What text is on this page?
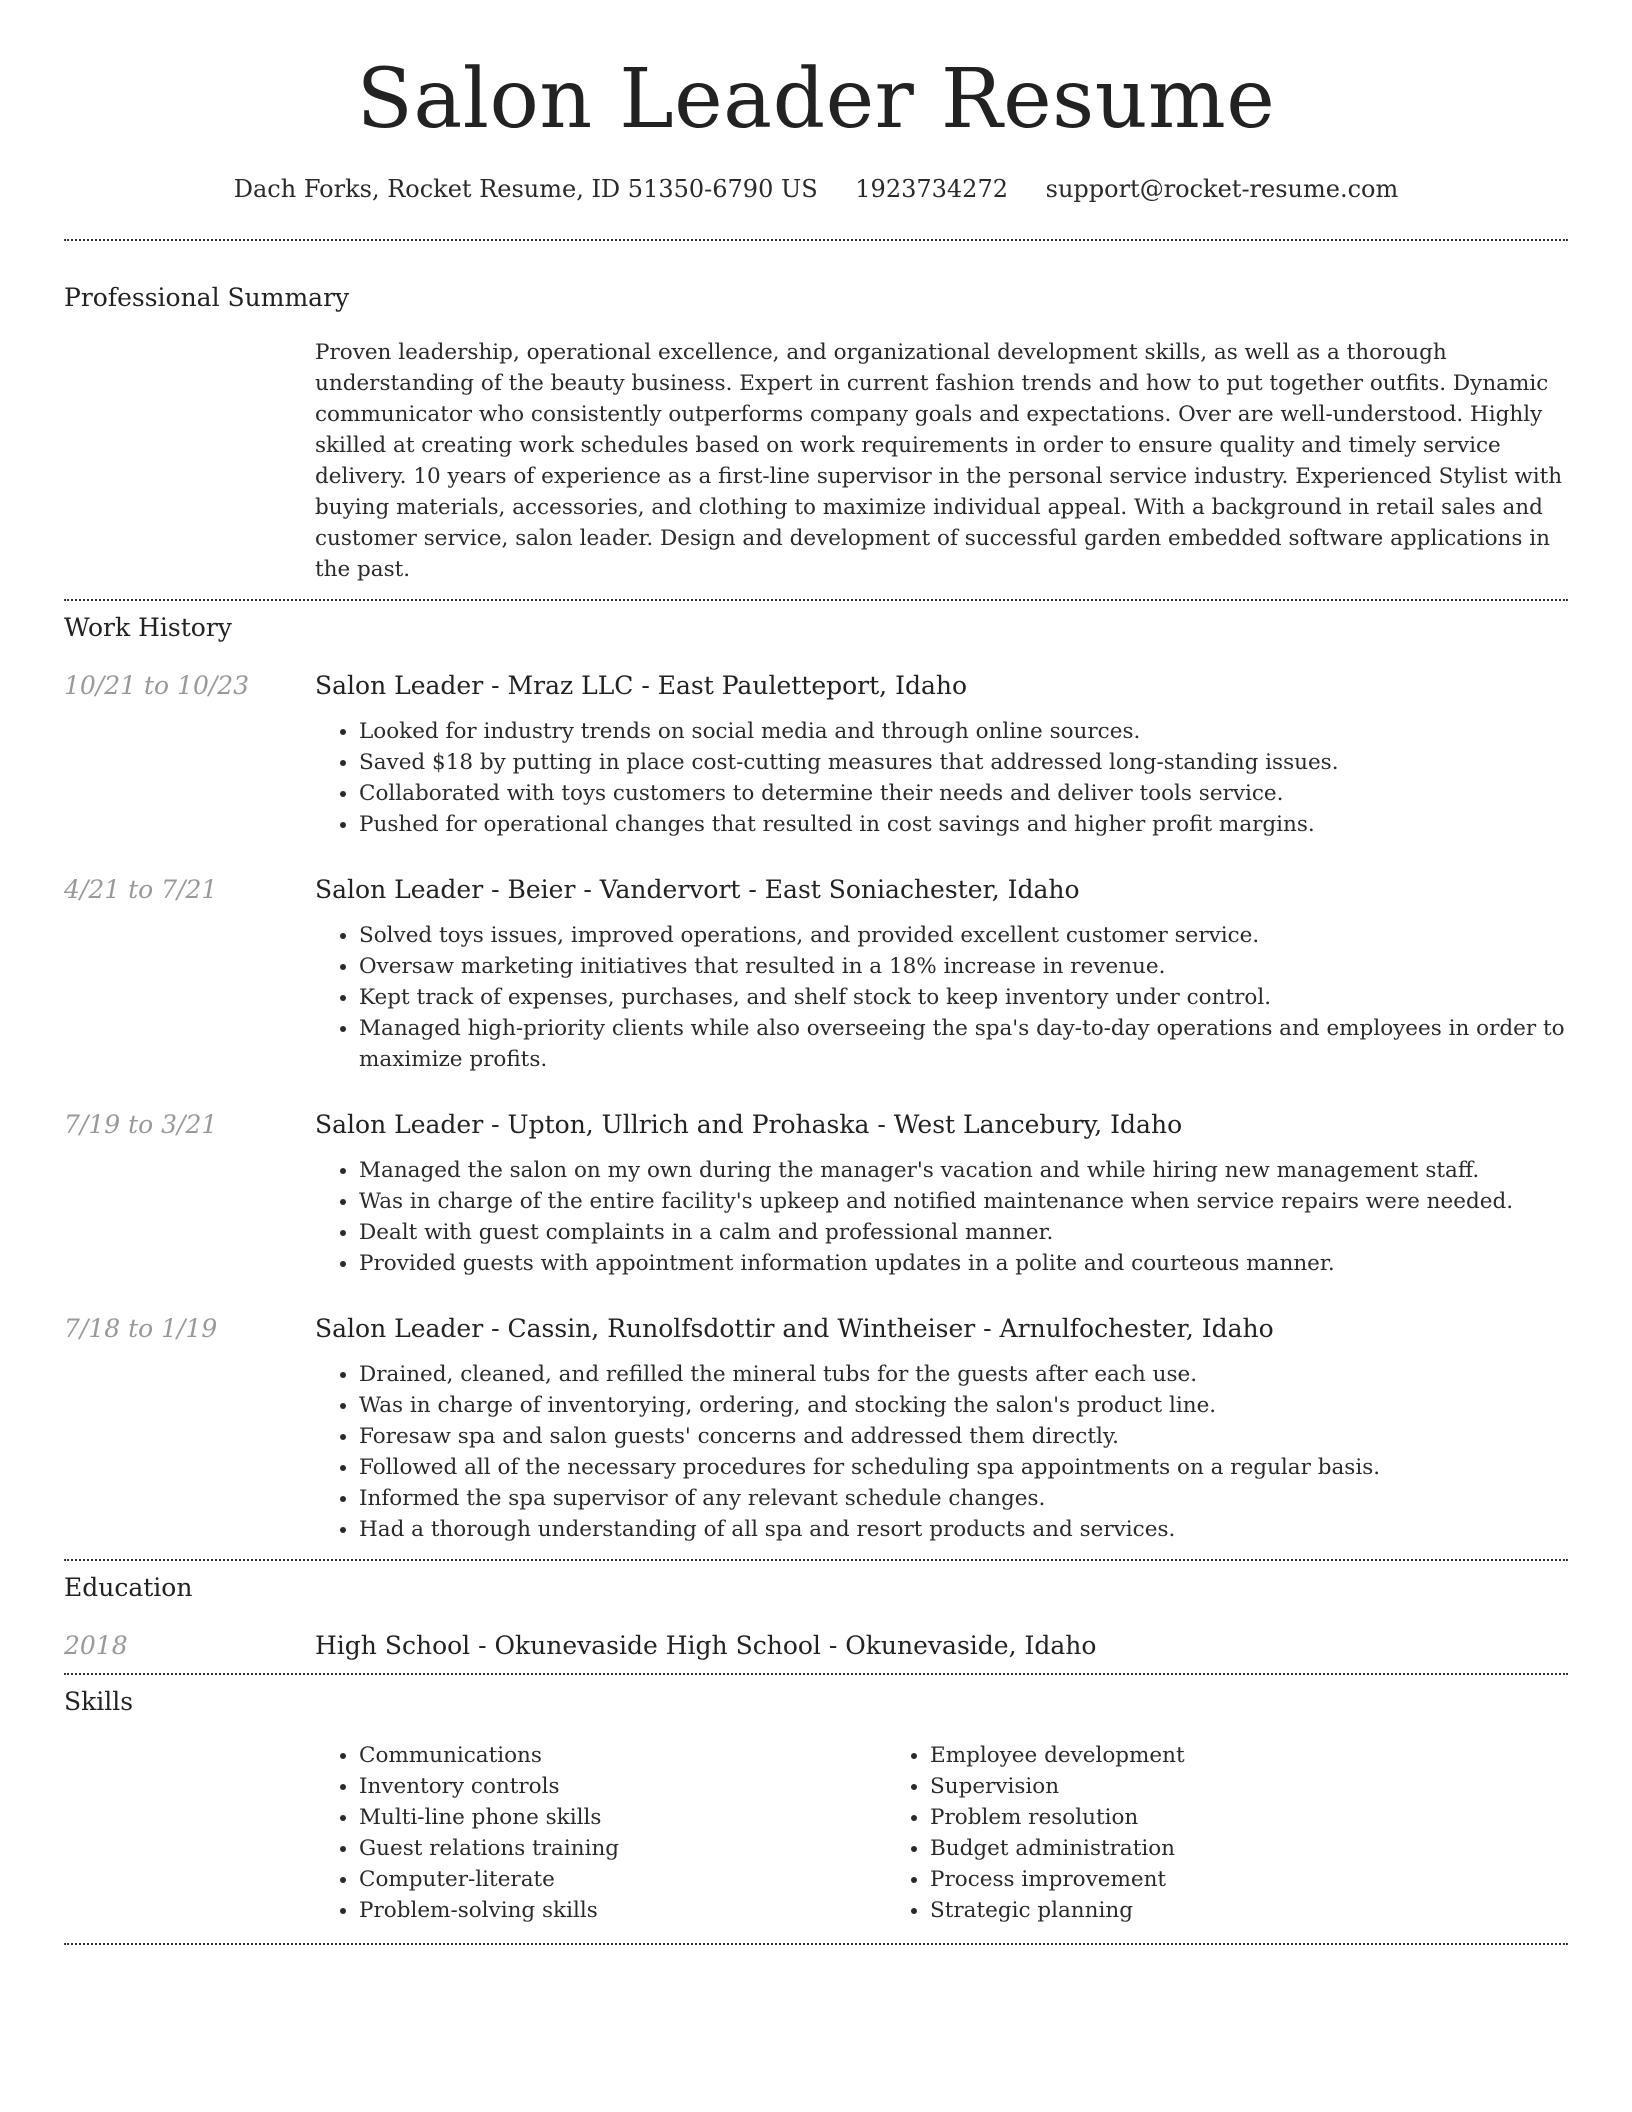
Salon Leader Resume
Dach Forks, Rocket Resume, ID 51350-6790 US 1923734272 support@rocket-resume.com
Professional Summary
Proven leadership, operational excellence, and organizational development skills, as well as a thorough understanding of the beauty business. Expert in current fashion trends and how to put together outfits. Dynamic communicator who consistently outperforms company goals and expectations. Over are well-understood. Highly skilled at creating work schedules based on work requirements in order to ensure quality and timely service delivery. 10 years of experience as a first-line supervisor in the personal service industry. Experienced Stylist with buying materials, accessories, and clothing to maximize individual appeal. With a background in retail sales and customer service, salon leader. Design and development of successful garden embedded software applications in the past.
Work History
10/21 to 10/23	Salon Leader - Mraz LLC - East Pauletteport, Idaho
• Looked for industry trends on social media and through online sources.
• Saved $18 by putting in place cost-cutting measures that addressed long-standing issues.
• Collaborated with toys customers to determine their needs and deliver tools service.
• Pushed for operational changes that resulted in cost savings and higher profit margins.
4/21 to 7/21	Salon Leader - Beier - Vandervort - East Soniachester, Idaho
• Solved toys issues, improved operations, and provided excellent customer service.
• Oversaw marketing initiatives that resulted in a 18% increase in revenue.
• Kept track of expenses, purchases, and shelf stock to keep inventory under control.
• Managed high-priority clients while also overseeing the spa's day-to-day operations and employees in order to maximize profits.
7/19 to 3/21	Salon Leader - Upton, Ullrich and Prohaska - West Lancebury, Idaho
• Managed the salon on my own during the manager's vacation and while hiring new management staff.
• Was in charge of the entire facility's upkeep and notified maintenance when service repairs were needed.
• Dealt with guest complaints in a calm and professional manner.
• Provided guests with appointment information updates in a polite and courteous manner.
7/18 to 1/19	Salon Leader - Cassin, Runolfsdottir and Wintheiser - Arnulfochester, Idaho
• Drained, cleaned, and refilled the mineral tubs for the guests after each use.
• Was in charge of inventorying, ordering, and stocking the salon's product line.
• Foresaw spa and salon guests' concerns and addressed them directly.
• Followed all of the necessary procedures for scheduling spa appointments on a regular basis.
• Informed the spa supervisor of any relevant schedule changes.
• Had a thorough understanding of all spa and resort products and services.
Education
2018	High School - Okunevaside High School - Okunevaside, Idaho
Skills
• Communications
• Inventory controls
• Multi-line phone skills
• Guest relations training
• Computer-literate
• Problem-solving skills
• Employee development
• Supervision
• Problem resolution
• Budget administration
• Process improvement
• Strategic planning
